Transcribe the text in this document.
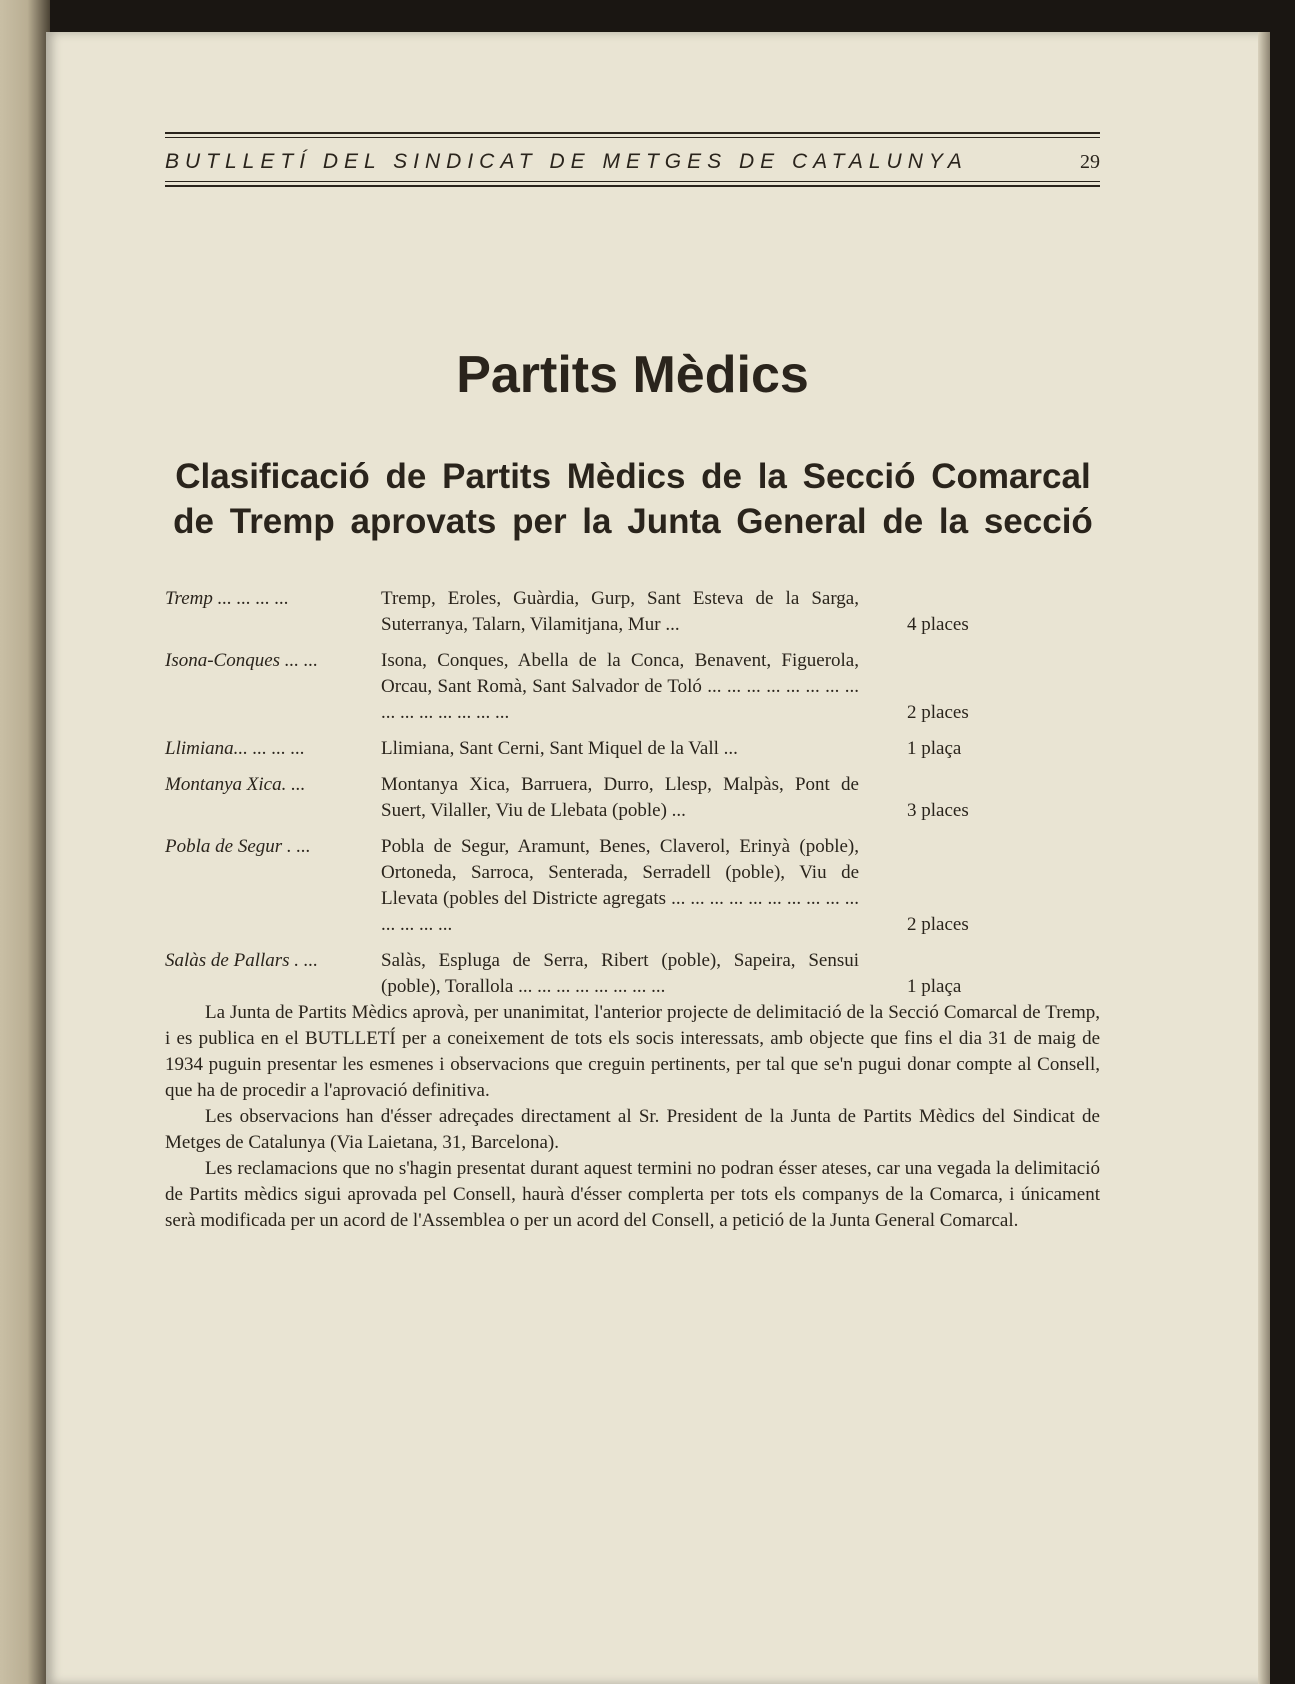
BUTLLETÍ DEL SINDICAT DE METGES DE CATALUNYA	29
Partits Mèdics
Clasificació de Partits Mèdics de la Secció Comarcal
de Tremp aprovats per la Junta General de la secció
Tremp ... ... ... ...	Tremp, Eroles, Guàrdia, Gurp, Sant Esteva de la Sarga, Suterranya, Talarn, Vilamitjana, Mur ...	4 places
Isona-Conques ... ...	Isona, Conques, Abella de la Conca, Benavent, Figuerola, Orcau, Sant Romà, Sant Salvador de Toló ... ... ... ... ... ... ... ... ... ... ... ... ... ... ...	2 places
Llimiana... ... ... ...	Llimiana, Sant Cerni, Sant Miquel de la Vall ...	1 plaça
Montanya Xica. ...	Montanya Xica, Barruera, Durro, Llesp, Malpàs, Pont de Suert, Vilaller, Viu de Llebata (poble) ...	3 places
Pobla de Segur . ...	Pobla de Segur, Aramunt, Benes, Claverol, Erinyà (poble), Ortoneda, Sarroca, Senterada, Serradell (poble), Viu de Llevata (pobles del Districte agregats ... ... ... ... ... ... ... ... ... ... ... ... ... ...	2 places
Salàs de Pallars . ...	Salàs, Espluga de Serra, Ribert (poble), Sapeira, Sensui (poble), Torallola ... ... ... ... ... ... ... ...	1 plaça

La Junta de Partits Mèdics aprovà, per unanimitat, l'anterior projecte de delimitació de la Secció Comarcal de Tremp, i es publica en el BUTLLETÍ per a coneixement de tots els socis interessats, amb objecte que fins el dia 31 de maig de 1934 puguin presentar les esmenes i observacions que creguin pertinents, per tal que se'n pugui donar compte al Consell, que ha de procedir a l'aprovació definitiva.

Les observacions han d'ésser adreçades directament al Sr. President de la Junta de Partits Mèdics del Sindicat de Metges de Catalunya (Via Laietana, 31, Barcelona).

Les reclamacions que no s'hagin presentat durant aquest termini no podran ésser ateses, car una vegada la delimitació de Partits mèdics sigui aprovada pel Consell, haurà d'ésser complerta per tots els companys de la Comarca, i únicament serà modificada per un acord de l'Assemblea o per un acord del Consell, a petició de la Junta General Comarcal.
